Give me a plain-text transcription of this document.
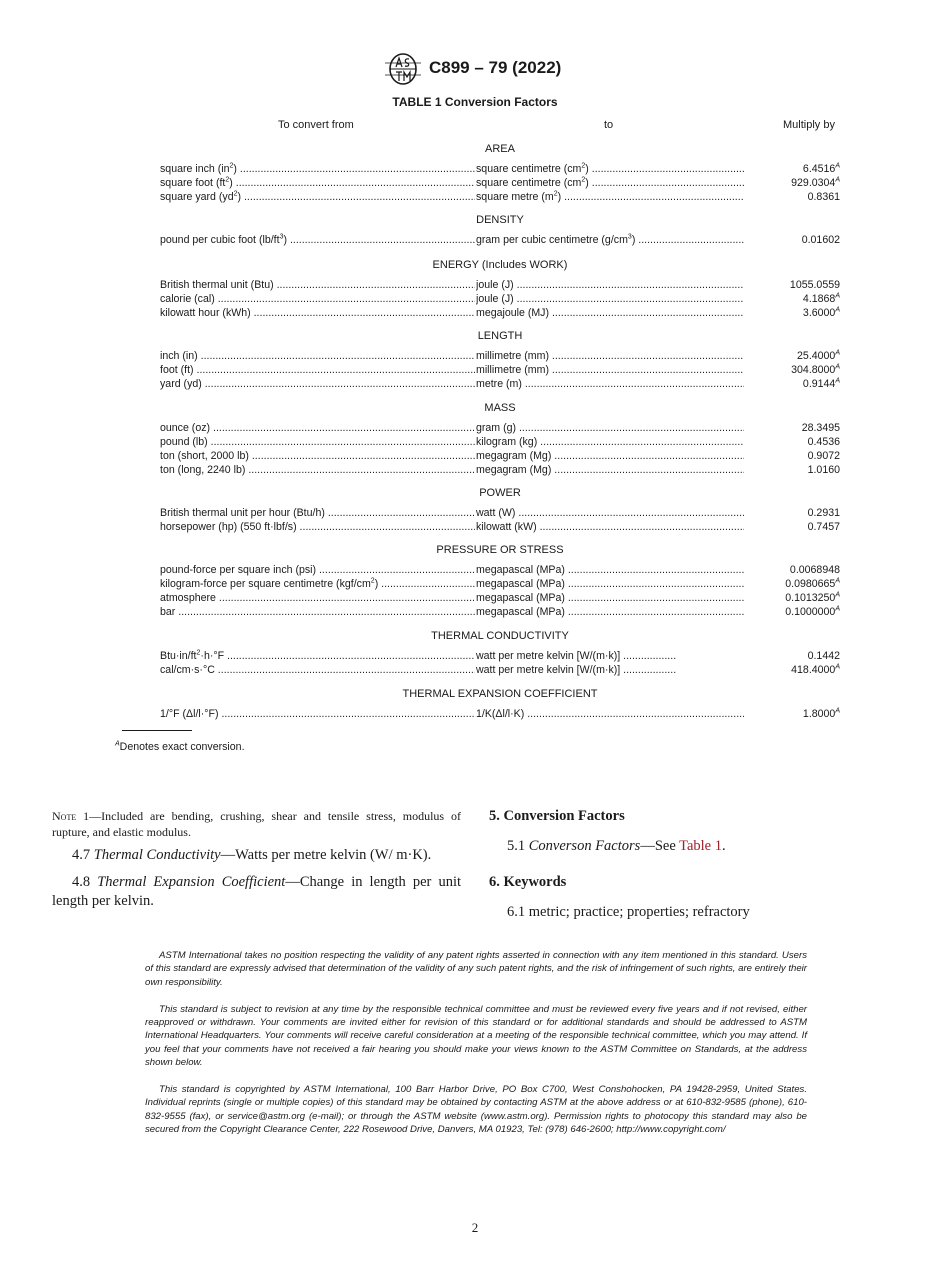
C899 – 79 (2022)
TABLE 1 Conversion Factors
To convert from	to	Multiply by
AREA
square inch $(in^2)$ .....	square centimetre $(cm^2)$ .....	$6.4516^A$
square foot $(ft^2)$ .....	square centimetre $(cm^2)$ .....	$929.0304^A$
square yard $(yd^2)$ .....	square metre $(m^2)$ .....	0.8361
DENSITY
pound per cubic foot $(lb/ft^3)$ .....	gram per cubic centimetre $(g/cm^3)$ .....	0.01602
ENERGY (Includes WORK)
British thermal unit (Btu) .....	joule (J) .....	1055.0559
calorie (cal) .....	joule (J) .....	$4.1868^A$
kilowatt hour (kWh) .....	megajoule (MJ) .....	$3.6000^A$
LENGTH
inch (in) .....	millimetre (mm) .....	$25.4000^A$
foot (ft) .....	millimetre (mm) .....	$304.8000^A$
yard (yd) .....	metre (m) .....	$0.9144^A$
MASS
ounce (oz) .....	gram (g) .....	28.3495
pound (lb) .....	kilogram (kg) .....	0.4536
ton (short, 2000 lb) .....	megagram (Mg) .....	0.9072
ton (long, 2240 lb) .....	megagram (Mg) .....	1.0160
POWER
British thermal unit per hour (Btu/h) .....	watt (W) .....	0.2931
horsepower (hp) (550 ft·lbf/s) .....	kilowatt (kW) .....	0.7457
PRESSURE OR STRESS
pound-force per square inch (psi) .....	megapascal (MPa) .....	0.0068948
kilogram-force per square centimetre $(kgf/cm^2)$ .....	megapascal (MPa) .....	$0.0980665^A$
atmosphere .....	megapascal (MPa) .....	$0.1013250^A$
bar .....	megapascal (MPa) .....	$0.1000000^A$
THERMAL CONDUCTIVITY
$Btu\cdot in/ft^2\cdot h\cdot^\circ F$ .....	watt per metre kelvin [W/(m·k)] .....	0.1442
cal/cm·s·°C .....	watt per metre kelvin [W/(m·k)] .....	$418.4000^A$
THERMAL EXPANSION COEFFICIENT
1/°F (Δl/l·°F) .....	1/K(Δl/l·K) .....	$1.8000^A$
$^A$Denotes exact conversion.

Note 1—Included are bending, crushing, shear and tensile stress, modulus of rupture, and elastic modulus.

4.7 Thermal Conductivity—Watts per metre kelvin (W/ m·K).

4.8 Thermal Expansion Coefficient—Change in length per unit length per kelvin.

5. Conversion Factors

5.1 Converson Factors—See Table 1.

6. Keywords

6.1 metric; practice; properties; refractory

ASTM International takes no position respecting the validity of any patent rights asserted in connection with any item mentioned in this standard. Users of this standard are expressly advised that determination of the validity of any such patent rights, and the risk of infringement of such rights, are entirely their own responsibility.

This standard is subject to revision at any time by the responsible technical committee and must be reviewed every five years and if not revised, either reapproved or withdrawn. Your comments are invited either for revision of this standard or for additional standards and should be addressed to ASTM International Headquarters. Your comments will receive careful consideration at a meeting of the responsible technical committee, which you may attend. If you feel that your comments have not received a fair hearing you should make your views known to the ASTM Committee on Standards, at the address shown below.

This standard is copyrighted by ASTM International, 100 Barr Harbor Drive, PO Box C700, West Conshohocken, PA 19428-2959, United States. Individual reprints (single or multiple copies) of this standard may be obtained by contacting ASTM at the above address or at 610-832-9585 (phone), 610-832-9555 (fax), or service@astm.org (e-mail); or through the ASTM website (www.astm.org). Permission rights to photocopy this standard may also be secured from the Copyright Clearance Center, 222 Rosewood Drive, Danvers, MA 01923, Tel: (978) 646-2600; http://www.copyright.com/

2
